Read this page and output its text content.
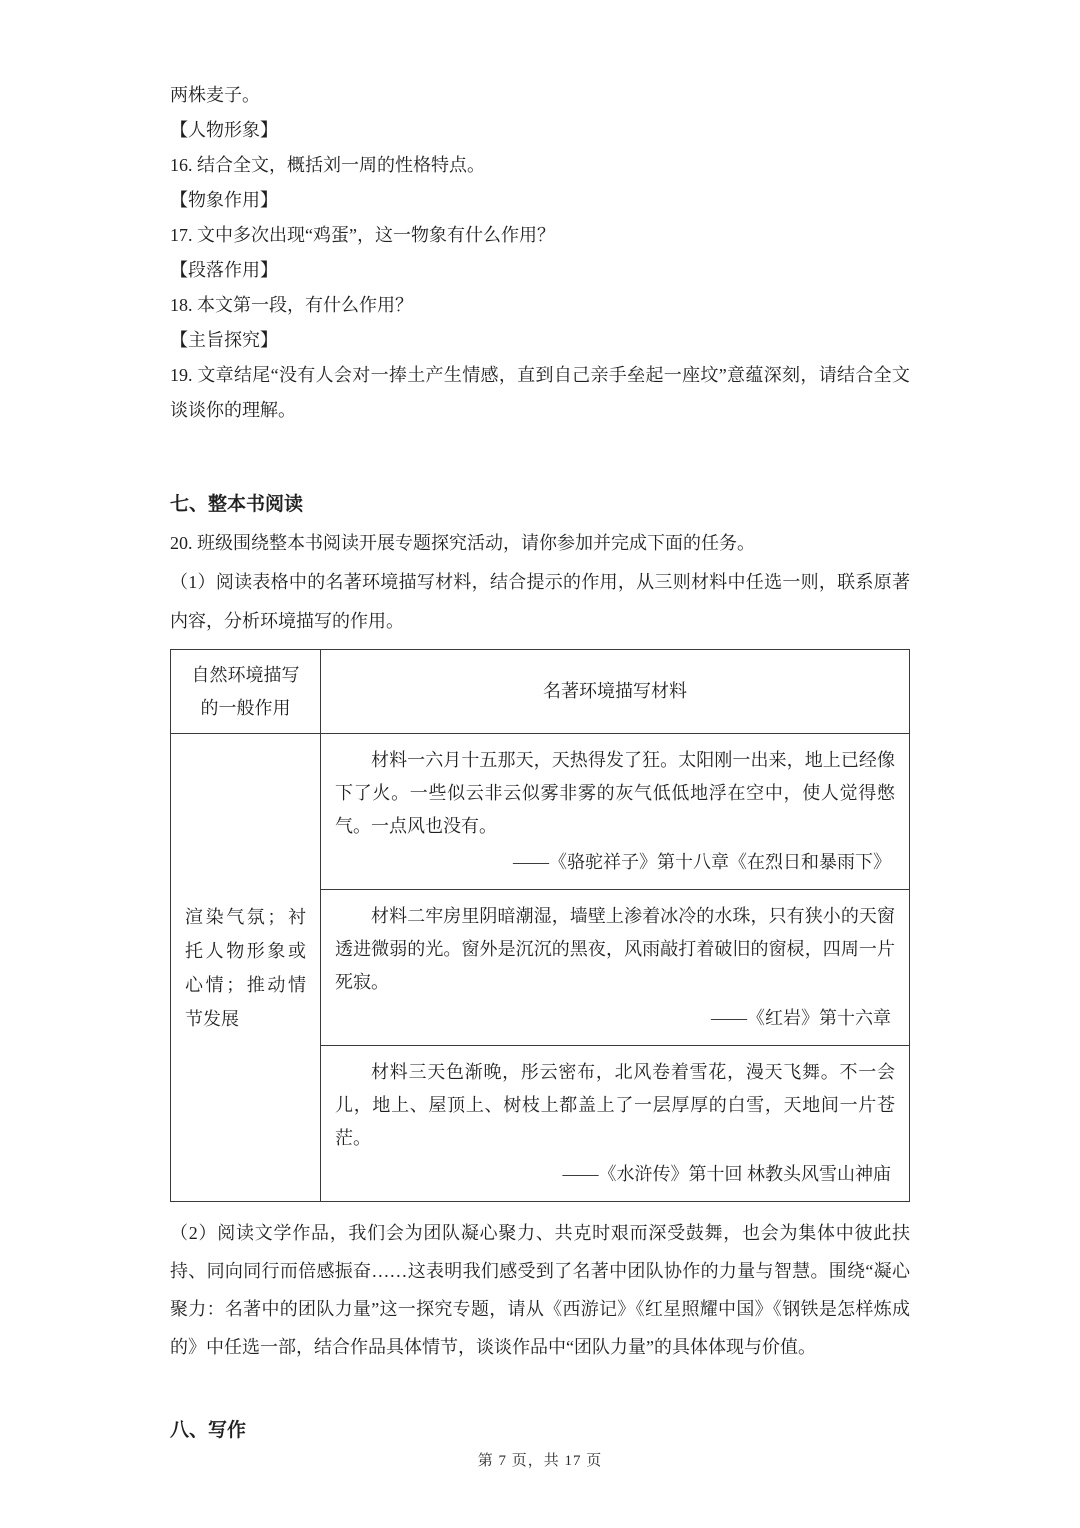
两株麦子。

【人物形象】

16. 结合全文，概括刘一周的性格特点。

【物象作用】

17. 文中多次出现“鸡蛋”，这一物象有什么作用？

【段落作用】

18. 本文第一段，有什么作用？

【主旨探究】

19. 文章结尾“没有人会对一捧土产生情感，直到自己亲手垒起一座坟”意蕴深刻，请结合全文谈谈你的理解。

七、整本书阅读

20. 班级围绕整本书阅读开展专题探究活动，请你参加并完成下面的任务。

（1）阅读表格中的名著环境描写材料，结合提示的作用，从三则材料中任选一则，联系原著内容，分析环境描写的作用。

自然环境描写的一般作用	名著环境描写材料
渲染气氛；衬托人物形象或心情；推动情节发展	材料一六月十五那天，天热得发了狂。太阳刚一出来，地上已经像下了火。一些似云非云似雾非雾的灰气低低地浮在空中，使人觉得憋气。一点风也没有。

——《骆驼祥子》第十八章《在烈日和暴雨下》

	材料二牢房里阴暗潮湿，墙壁上渗着冰冷的水珠，只有狭小的天窗透进微弱的光。窗外是沉沉的黑夜，风雨敲打着破旧的窗棂，四周一片死寂。

——《红岩》第十六章

	材料三天色渐晚，彤云密布，北风卷着雪花，漫天飞舞。不一会儿，地上、屋顶上、树枝上都盖上了一层厚厚的白雪，天地间一片苍茫。

——《水浒传》第十回 林教头风雪山神庙

（2）阅读文学作品，我们会为团队凝心聚力、共克时艰而深受鼓舞，也会为集体中彼此扶持、同向同行而倍感振奋……这表明我们感受到了名著中团队协作的力量与智慧。围绕“凝心聚力：名著中的团队力量”这一探究专题，请从《西游记》《红星照耀中国》《钢铁是怎样炼成的》中任选一部，结合作品具体情节，谈谈作品中“团队力量”的具体体现与价值。

八、写作
第 7 页，共 17 页
